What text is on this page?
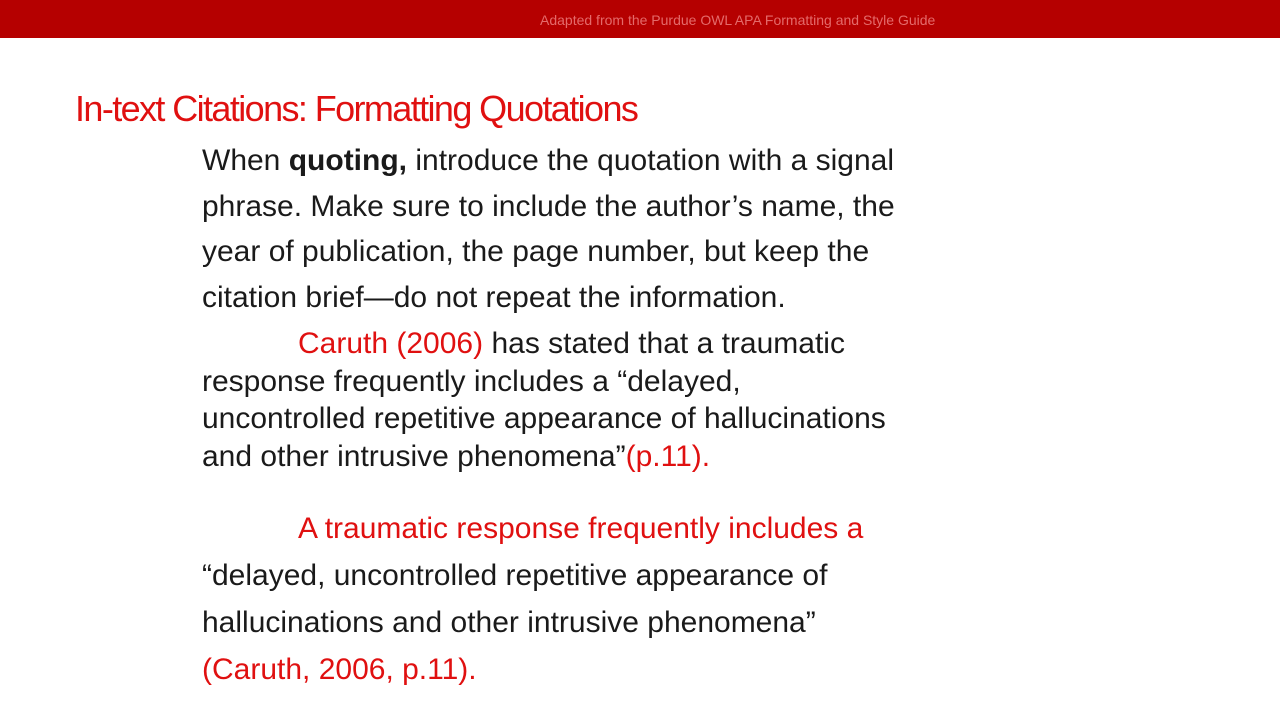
Adapted from the Purdue OWL APA Formatting and Style Guide
In-text Citations: Formatting Quotations
When quoting, introduce the quotation with a signal
phrase. Make sure to include the author’s name, the
year of publication, the page number, but keep the
citation brief—do not repeat the information.
Caruth (2006) has stated that a traumatic
response frequently includes a “delayed,
uncontrolled repetitive appearance of hallucinations
and other intrusive phenomena”(p.11).
A traumatic response frequently includes a
“delayed, uncontrolled repetitive appearance of
hallucinations and other intrusive phenomena”
(Caruth, 2006, p.11).
